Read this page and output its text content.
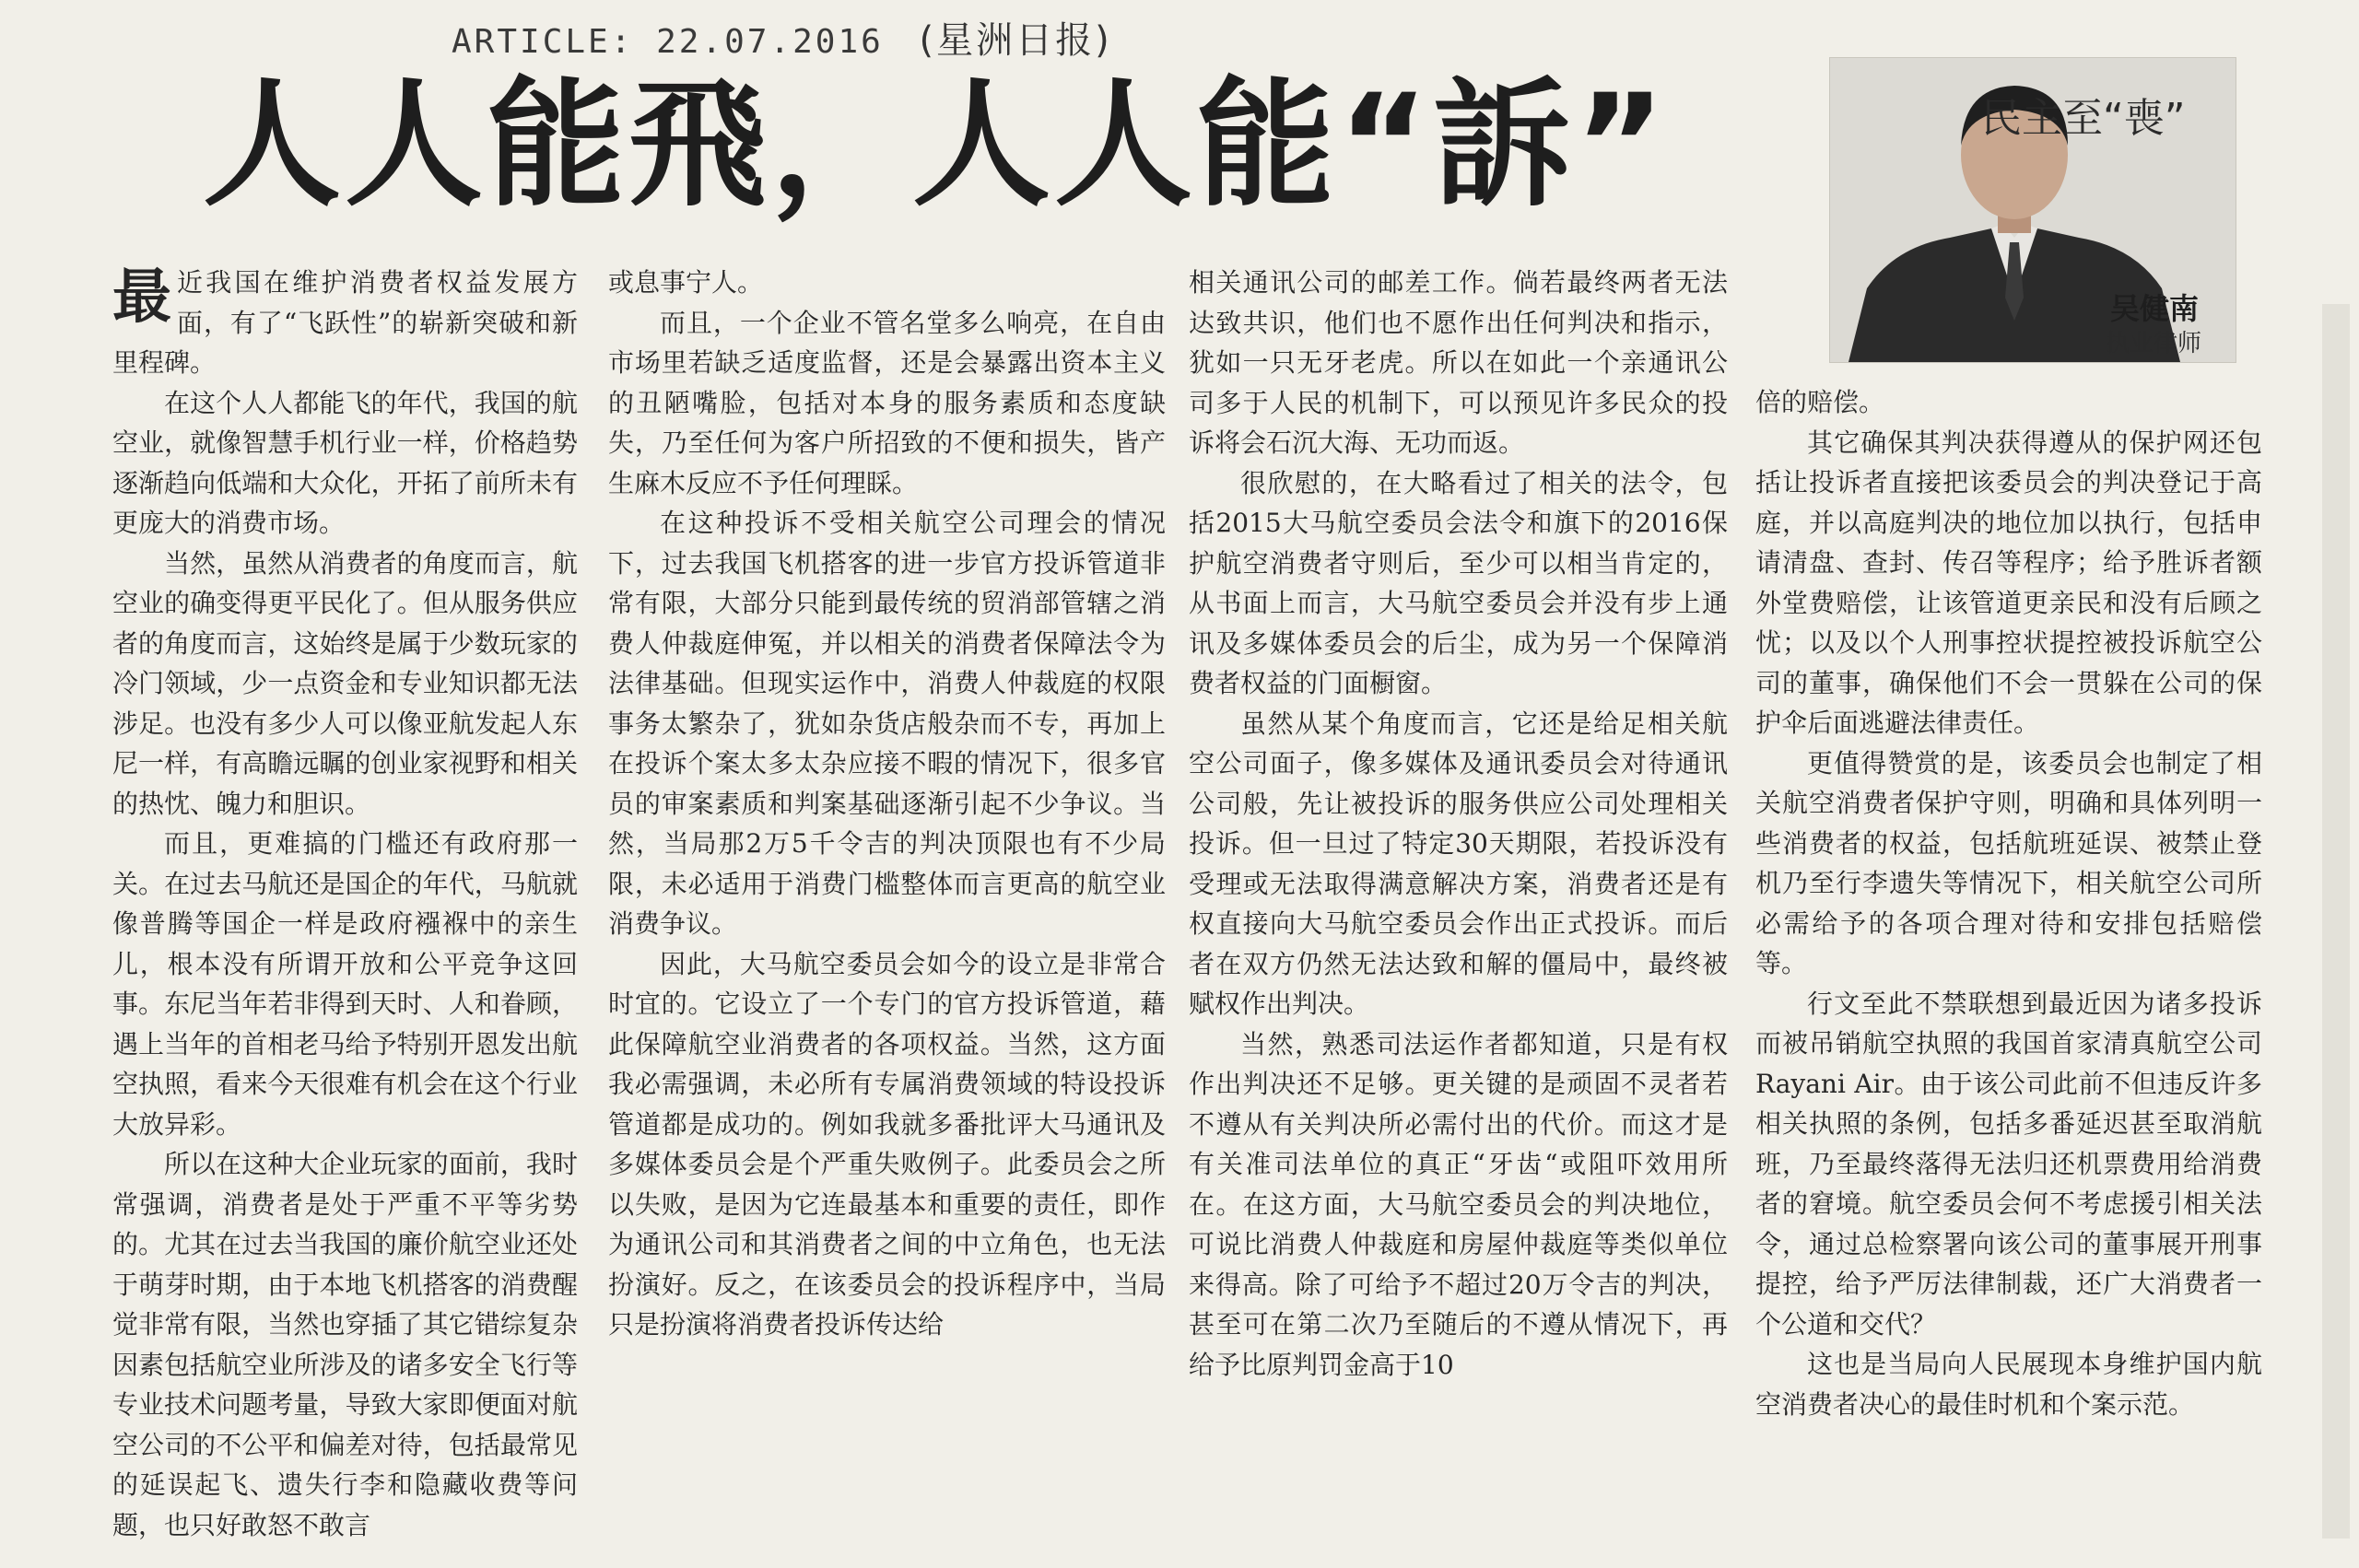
ARTICLE: 22.07.2016 (星洲日报)
人人能飛，人人能“訴”	民主至“喪”
吴健南
执业律师

最近我国在维护消费者权益发展方面，有了“飞跃性”的崭新突破和新里程碑。

在这个人人都能飞的年代，我国的航空业，就像智慧手机行业一样，价格趋势逐渐趋向低端和大众化，开拓了前所未有更庞大的消费市场。

当然，虽然从消费者的角度而言，航空业的确变得更平民化了。但从服务供应者的角度而言，这始终是属于少数玩家的冷门领域，少一点资金和专业知识都无法涉足。也没有多少人可以像亚航发起人东尼一样，有高瞻远瞩的创业家视野和相关的热忱、魄力和胆识。

而且，更难搞的门槛还有政府那一关。在过去马航还是国企的年代，马航就像普腾等国企一样是政府襁褓中的亲生儿，根本没有所谓开放和公平竞争这回事。东尼当年若非得到天时、人和眷顾，遇上当年的首相老马给予特别开恩发出航空执照，看来今天很难有机会在这个行业大放异彩。

所以在这种大企业玩家的面前，我时常强调，消费者是处于严重不平等劣势的。尤其在过去当我国的廉价航空业还处于萌芽时期，由于本地飞机搭客的消费醒觉非常有限，当然也穿插了其它错综复杂因素包括航空业所涉及的诸多安全飞行等专业技术问题考量，导致大家即便面对航空公司的不公平和偏差对待，包括最常见的延误起飞、遗失行李和隐藏收费等问题，也只好敢怒不敢言

或息事宁人。

而且，一个企业不管名堂多么响亮，在自由市场里若缺乏适度监督，还是会暴露出资本主义的丑陋嘴脸，包括对本身的服务素质和态度缺失，乃至任何为客户所招致的不便和损失，皆产生麻木反应不予任何理睬。

在这种投诉不受相关航空公司理会的情况下，过去我国飞机搭客的进一步官方投诉管道非常有限，大部分只能到最传统的贸消部管辖之消费人仲裁庭伸冤，并以相关的消费者保障法令为法律基础。但现实运作中，消费人仲裁庭的权限事务太繁杂了，犹如杂货店般杂而不专，再加上在投诉个案太多太杂应接不暇的情况下，很多官员的审案素质和判案基础逐渐引起不少争议。当然，当局那2万5千令吉的判决顶限也有不少局限，未必适用于消费门槛整体而言更高的航空业消费争议。

因此，大马航空委员会如今的设立是非常合时宜的。它设立了一个专门的官方投诉管道，藉此保障航空业消费者的各项权益。当然，这方面我必需强调，未必所有专属消费领域的特设投诉管道都是成功的。例如我就多番批评大马通讯及多媒体委员会是个严重失败例子。此委员会之所以失败，是因为它连最基本和重要的责任，即作为通讯公司和其消费者之间的中立角色，也无法扮演好。反之，在该委员会的投诉程序中，当局只是扮演将消费者投诉传达给

相关通讯公司的邮差工作。倘若最终两者无法达致共识，他们也不愿作出任何判决和指示，犹如一只无牙老虎。所以在如此一个亲通讯公司多于人民的机制下，可以预见许多民众的投诉将会石沉大海、无功而返。

很欣慰的，在大略看过了相关的法令，包括2015大马航空委员会法令和旗下的2016保护航空消费者守则后，至少可以相当肯定的，从书面上而言，大马航空委员会并没有步上通讯及多媒体委员会的后尘，成为另一个保障消费者权益的门面橱窗。

虽然从某个角度而言，它还是给足相关航空公司面子，像多媒体及通讯委员会对待通讯公司般，先让被投诉的服务供应公司处理相关投诉。但一旦过了特定30天期限，若投诉没有受理或无法取得满意解决方案，消费者还是有权直接向大马航空委员会作出正式投诉。而后者在双方仍然无法达致和解的僵局中，最终被赋权作出判决。

当然，熟悉司法运作者都知道，只是有权作出判决还不足够。更关键的是顽固不灵者若不遵从有关判决所必需付出的代价。而这才是有关准司法单位的真正“牙齿“或阻吓效用所在。在这方面，大马航空委员会的判决地位，可说比消费人仲裁庭和房屋仲裁庭等类似单位来得高。除了可给予不超过20万令吉的判决，甚至可在第二次乃至随后的不遵从情况下，再给予比原判罚金高于10

倍的赔偿。

其它确保其判决获得遵从的保护网还包括让投诉者直接把该委员会的判决登记于高庭，并以高庭判决的地位加以执行，包括申请清盘、查封、传召等程序；给予胜诉者额外堂费赔偿，让该管道更亲民和没有后顾之忧；以及以个人刑事控状提控被投诉航空公司的董事，确保他们不会一贯躲在公司的保护伞后面逃避法律责任。

更值得赞赏的是，该委员会也制定了相关航空消费者保护守则，明确和具体列明一些消费者的权益，包括航班延误、被禁止登机乃至行李遗失等情况下，相关航空公司所必需给予的各项合理对待和安排包括赔偿等。

行文至此不禁联想到最近因为诸多投诉而被吊销航空执照的我国首家清真航空公司Rayani Air。由于该公司此前不但违反许多相关执照的条例，包括多番延迟甚至取消航班，乃至最终落得无法归还机票费用给消费者的窘境。航空委员会何不考虑援引相关法令，通过总检察署向该公司的董事展开刑事提控，给予严厉法律制裁，还广大消费者一个公道和交代？

这也是当局向人民展现本身维护国内航空消费者决心的最佳时机和个案示范。
